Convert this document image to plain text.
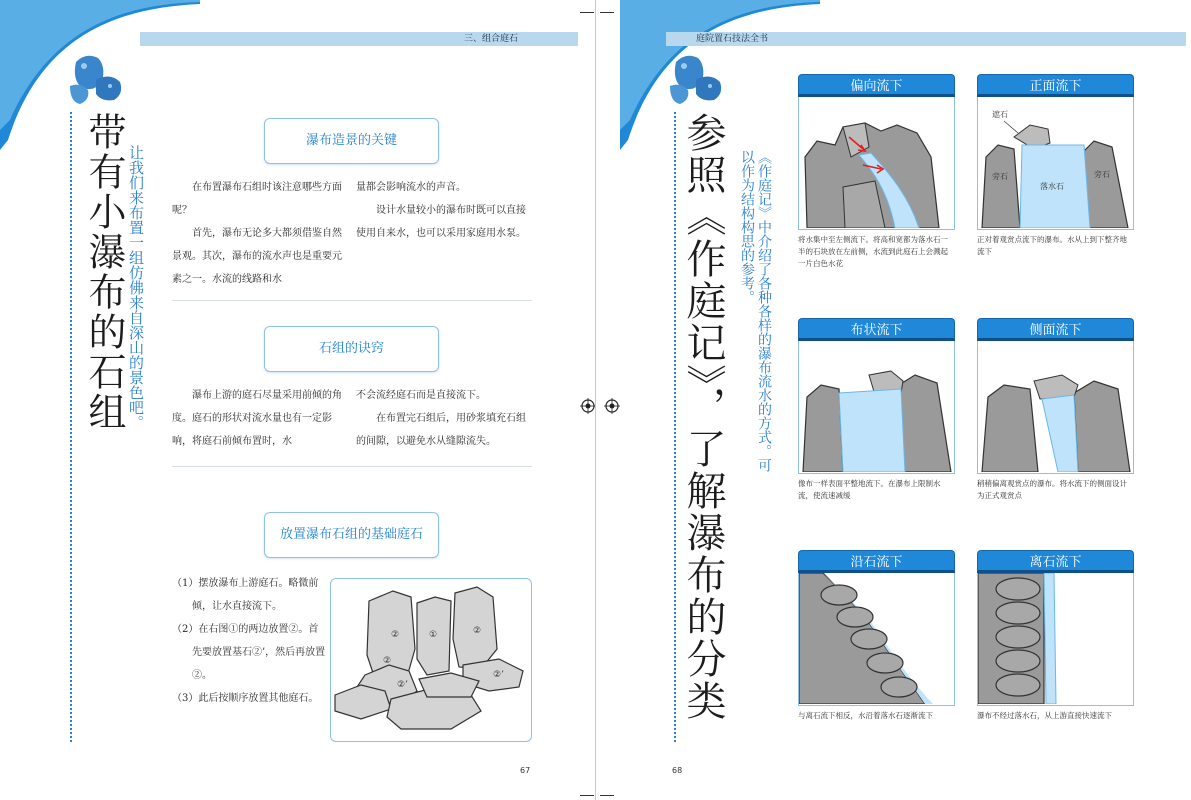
三、组合庭石
带有小瀑布的石组 让我们来布置一组仿佛来自深山的景色吧。
瀑布造景的关键

在布置瀑布石组时该注意哪些方面呢？

首先，瀑布无论多大都须借鉴自然景观。其次，瀑布的流水声也是重要元素之一。水流的线路和水

量都会影响流水的声音。

设计水量较小的瀑布时既可以直接使用自来水，也可以采用家庭用水泵。

石组的诀窍

瀑布上游的庭石尽量采用前倾的角度。庭石的形状对流水量也有一定影响，将庭石前倾布置时，水

不会流经庭石而是直接流下。

在布置完石组后，用砂浆填充石组的间隙，以避免水从缝隙流失。

放置瀑布石组的基础庭石
（1）摆放瀑布上游庭石。略微前倾，让水直接流下。
（2）在右图①的两边放置②。首先要放置基石②’，然后再放置②。
（3）此后按顺序放置其他庭石。
②	①	②
②’
②’
②
67
庭院置石技法全书
参照《作庭记》，了解瀑布的分类	《作庭记》中介绍了各种各样的瀑布流水的方式。可以作为结构构思的参考。
偏向流下
将水集中至左侧流下。将高和宽都为落水石一半的石块放在左前侧，水流到此庭石上会溅起一片白色水花
正面流下
遮石
旁石	旁石
落水石
正对着观赏点流下的瀑布。水从上到下整齐地流下
布状流下
像布一样表面平整地流下。在瀑布上限制水流，使流速减缓
侧面流下
稍稍偏离观赏点的瀑布。将水流下的侧面设计为正式观赏点
沿石流下
与离石流下相反，水沿着落水石逐渐流下
离石流下
瀑布不经过落水石，从上游直接快速流下
68
